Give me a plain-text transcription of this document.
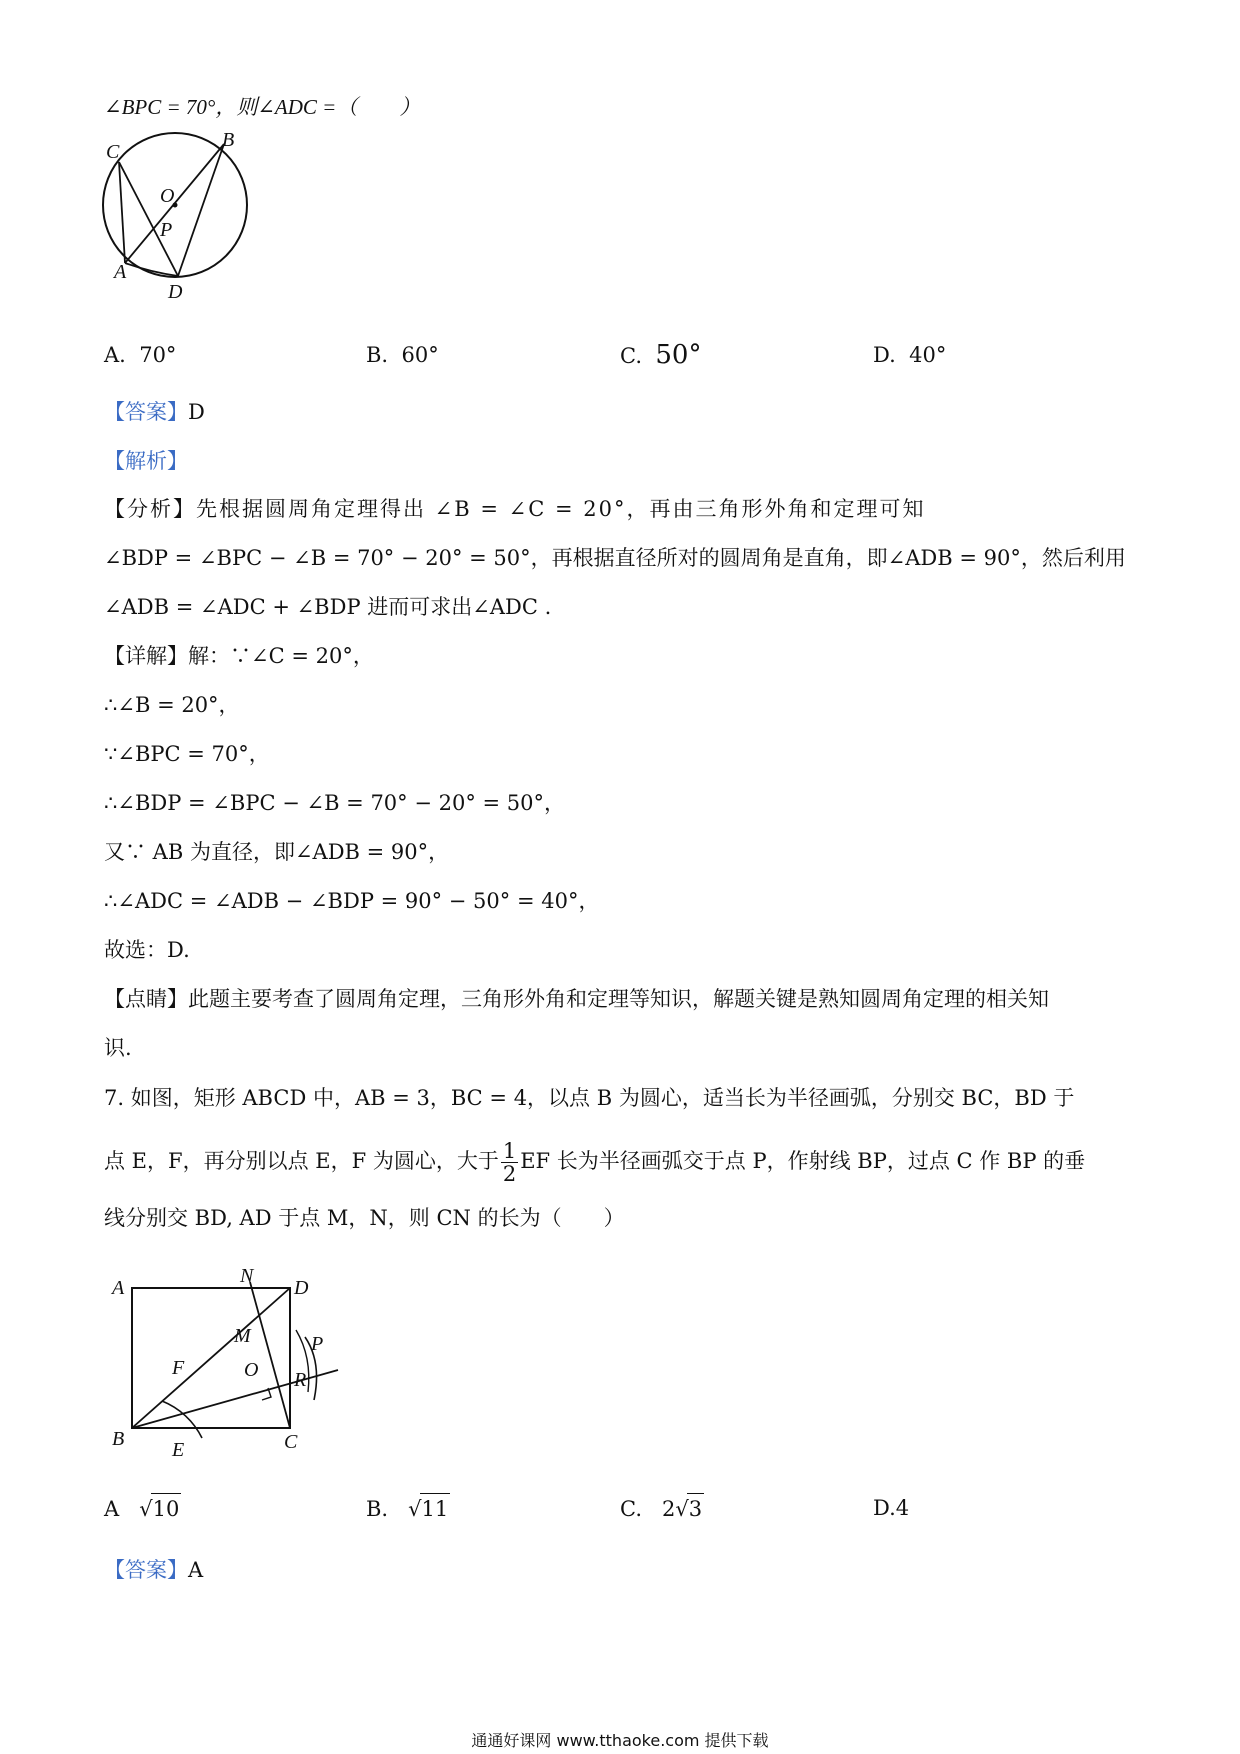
∠BPC = 70°，则∠ADC =（　　）
C
B
O
P
A
D
A. 70°	B. 60°	C. 50°	D. 40°
【答案】D
【解析】
【分析】先根据圆周角定理得出 ∠B = ∠C = 20°，再由三角形外角和定理可知
∠BDP = ∠BPC − ∠B = 70° − 20° = 50°，再根据直径所对的圆周角是直角，即∠ADB = 90°，然后利用
∠ADB = ∠ADC + ∠BDP 进而可求出∠ADC .
【详解】解：∵∠C = 20°，
∴∠B = 20°，
∵∠BPC = 70°，
∴∠BDP = ∠BPC − ∠B = 70° − 20° = 50°，
又∵ AB 为直径，即∠ADB = 90°，
∴∠ADC = ∠ADB − ∠BDP = 90° − 50° = 40°，
故选：D.
【点睛】此题主要考查了圆周角定理，三角形外角和定理等知识，解题关键是熟知圆周角定理的相关知
识.
7. 如图，矩形 ABCD 中，AB = 3，BC = 4，以点 B 为圆心，适当长为半径画弧，分别交 BC，BD 于
点 E，F，再分别以点 E，F 为圆心，大于 $\frac{1}{2}$ EF 长为半径画弧交于点 P，作射线 BP，过点 C 作 BP 的垂
线分别交 BD, AD 于点 M，N，则 CN 的长为（　　）
A
N
D
M	P
F	O R
B E	C
A   √10	B.   √11	C. 2√3	D.4
【答案】A
通通好课网 www.tthaoke.com 提供下载
